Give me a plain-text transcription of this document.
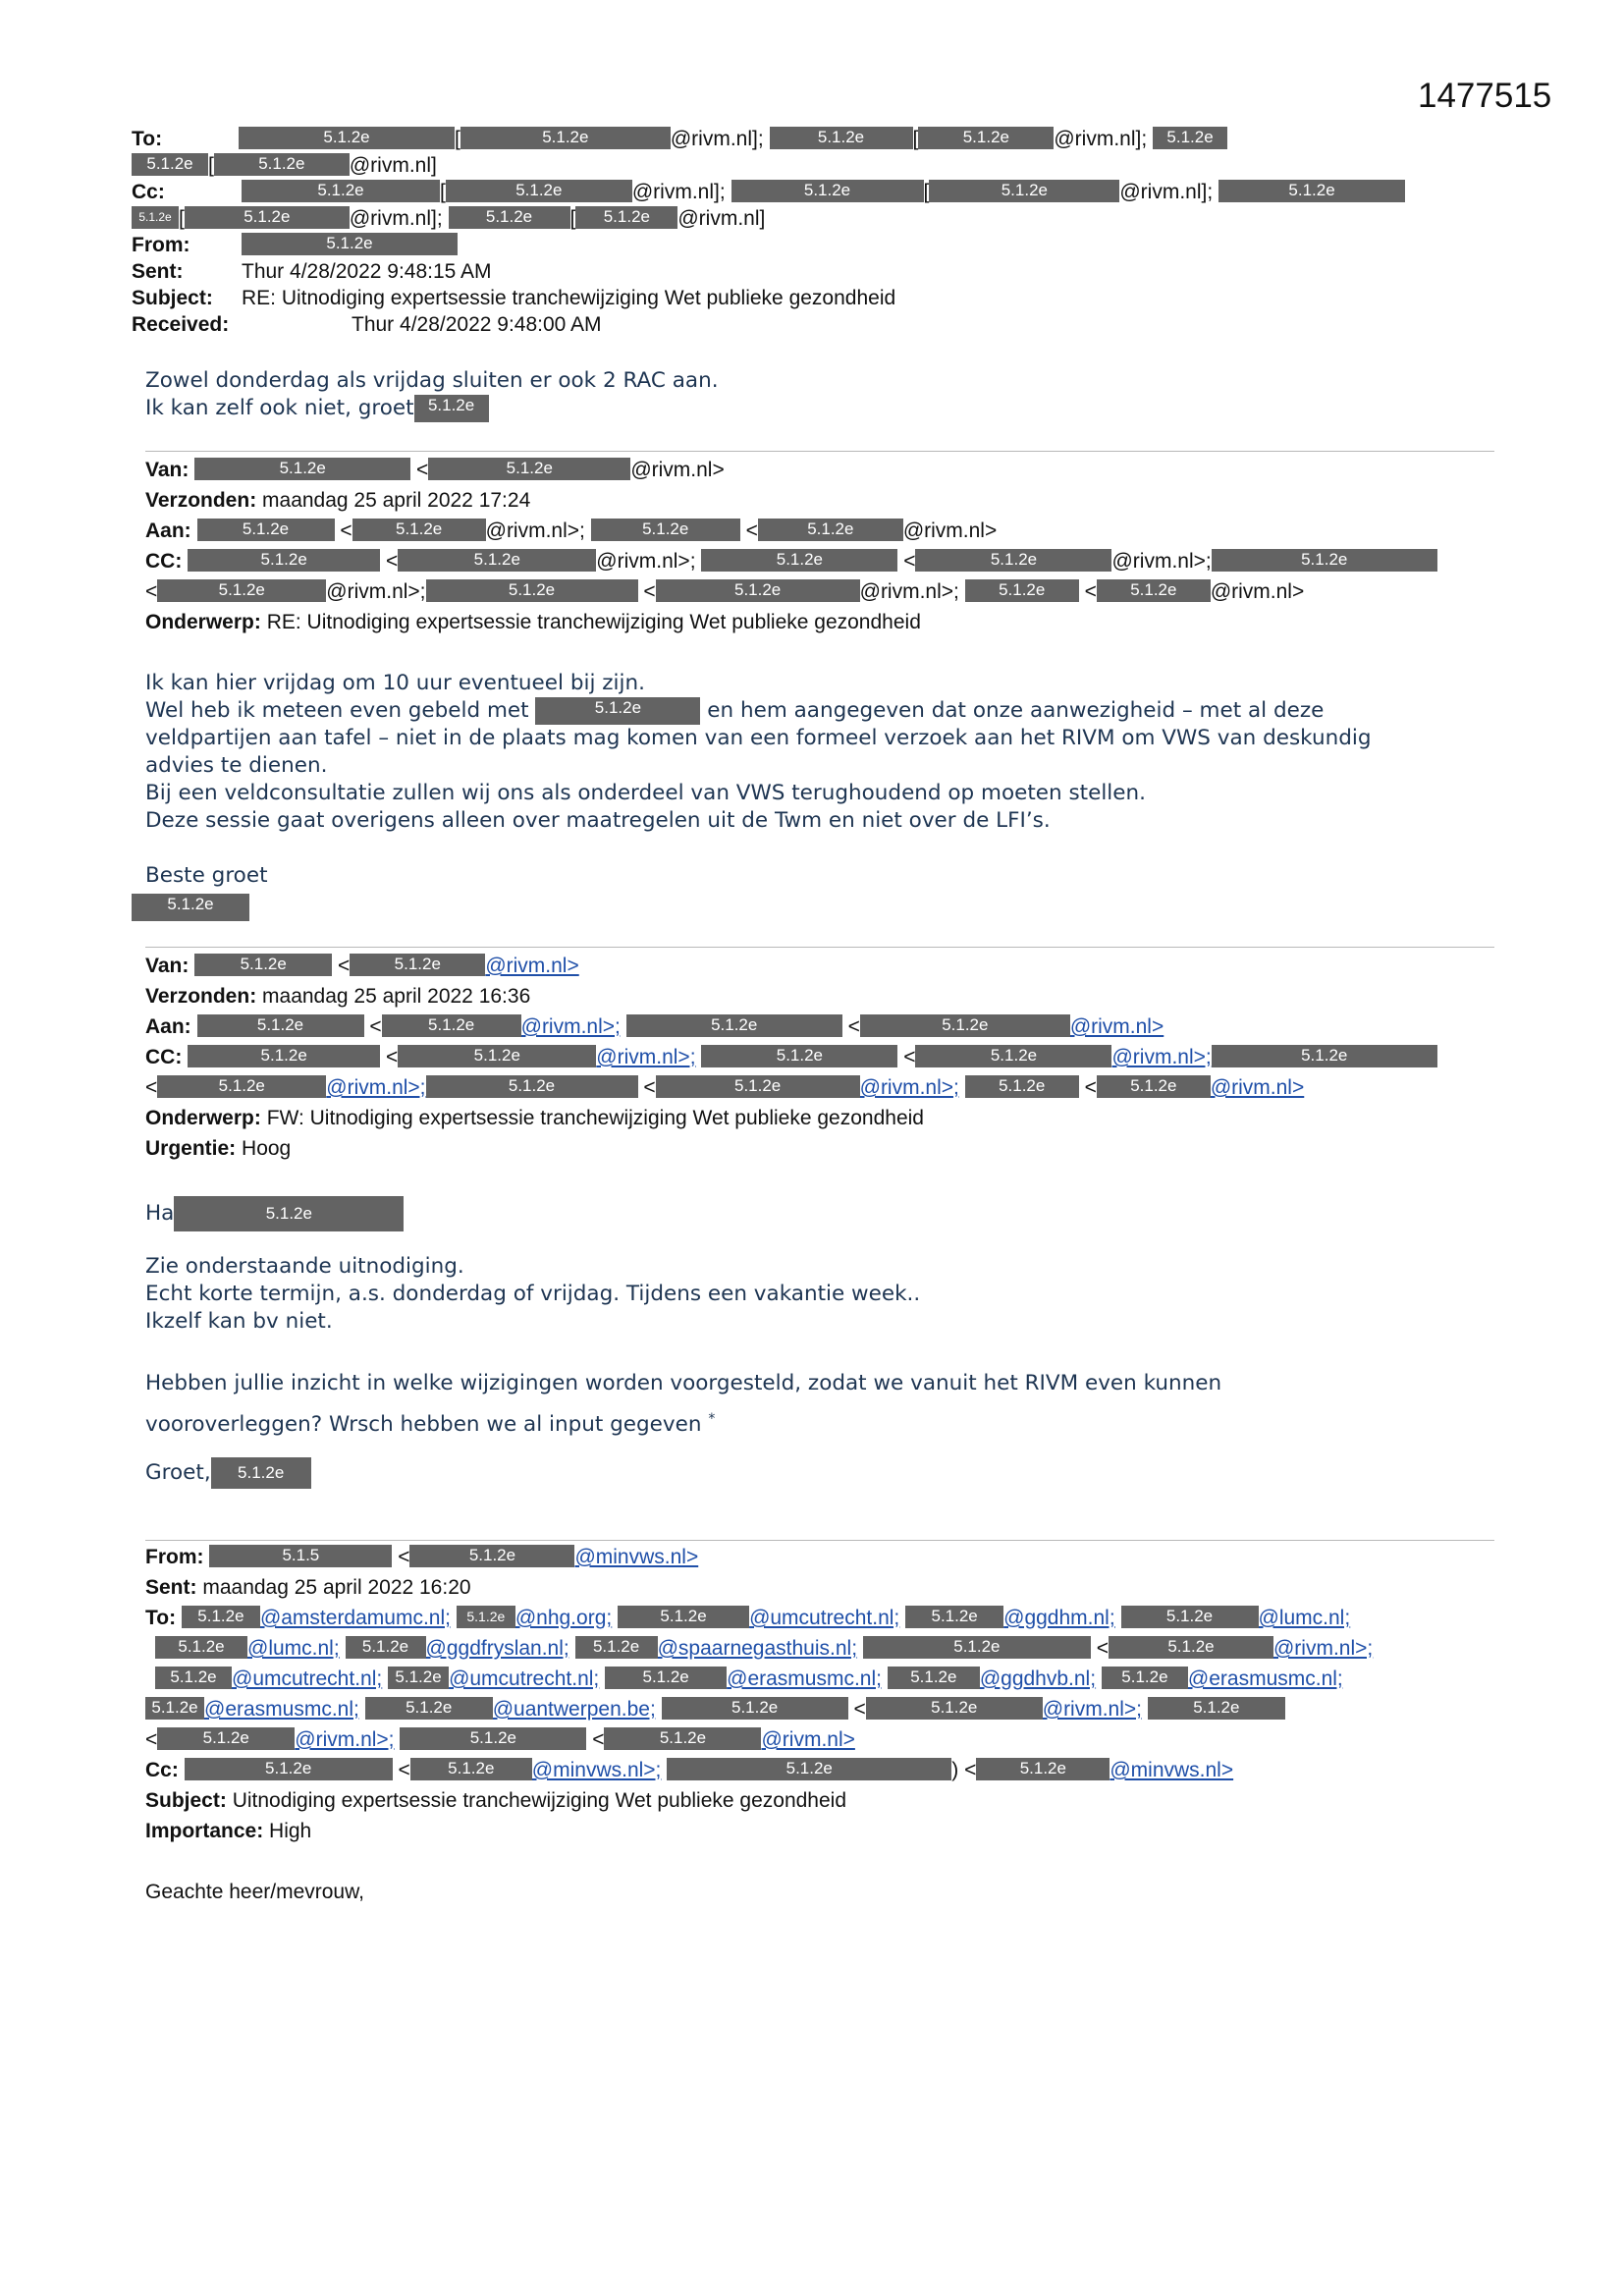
1477515
To:	5.1.2e	[	5.1.2e	@rivm.nl];	5.1.2e [	5.1.2e @rivm.nl]; 5.1.2e
5.1.2e [	5.1.2e @rivm.nl]
Cc:	5.1.2e	[	5.1.2e	@rivm.nl];	5.1.2e	[	5.1.2e	@rivm.nl];	5.1.2e
5.1.2e [	5.1.2e	@rivm.nl];	5.1.2e [ 5.1.2e @rivm.nl]
From:	5.1.2e
Sent:	Thur 4/28/2022 9:48:15 AM
Subject: RE: Uitnodiging expertsessie tranchewijziging Wet publieke gezondheid
Received:	Thur 4/28/2022 9:48:00 AM

Zowel donderdag als vrijdag sluiten er ook 2 RAC aan.

Ik kan zelf ook niet, groet 5.1.2e

Van:	5.1.2e	<	5.1.2e	@rivm.nl>
Verzonden: maandag 25 april 2022 17:24
Aan:	5.1.2e <	5.1.2e @rivm.nl>;	5.1.2e	<	5.1.2e @rivm.nl>
CC:	5.1.2e	<	5.1.2e	@rivm.nl>;	5.1.2e	<	5.1.2e	@rivm.nl>;	5.1.2e
<	5.1.2e	@rivm.nl>;	5.1.2e	<	5.1.2e	@rivm.nl>; 5.1.2e < 5.1.2e @rivm.nl>
Onderwerp: RE: Uitnodiging expertsessie tranchewijziging Wet publieke gezondheid

Ik kan hier vrijdag om 10 uur eventueel bij zijn.

Wel heb ik meteen even gebeld met	5.1.2e	en hem aangegeven dat onze aanwezigheid – met al deze

veldpartijen aan tafel – niet in de plaats mag komen van een formeel verzoek aan het RIVM om VWS van deskundig

advies te dienen.

Bij een veldconsultatie zullen wij ons als onderdeel van VWS terughoudend op moeten stellen.

Deze sessie gaat overigens alleen over maatregelen uit de Twm en niet over de LFI’s.

Beste groet

5.1.2e
Van:	5.1.2e <	5.1.2e @rivm.nl>
Verzonden: maandag 25 april 2022 16:36
Aan:	5.1.2e	<	5.1.2e @rivm.nl>;	5.1.2e	<	5.1.2e	@rivm.nl>
CC:	5.1.2e	<	5.1.2e	@rivm.nl>;	5.1.2e	<	5.1.2e	@rivm.nl>;	5.1.2e
<	5.1.2e	@rivm.nl>;	5.1.2e	<	5.1.2e	@rivm.nl>; 5.1.2e < 5.1.2e @rivm.nl>
Onderwerp: FW: Uitnodiging expertsessie tranchewijziging Wet publieke gezondheid
Urgentie: Hoog

Ha	5.1.2e

Zie onderstaande uitnodiging.

Echt korte termijn, a.s. donderdag of vrijdag. Tijdens een vakantie week..

Ikzelf kan bv niet.

Hebben jullie inzicht in welke wijzigingen worden voorgesteld, zodat we vanuit het RIVM even kunnen

vooroverleggen? Wrsch hebben we al input gegeven *

Groet, 5.1.2e

From:	5.1.5	<	5.1.2e	@minvws.nl>
Sent: maandag 25 april 2022 16:20
To: 5.1.2e @amsterdamumc.nl; 5.1.2e @nhg.org;	5.1.2e @umcutrecht.nl; 5.1.2e @ggdhm.nl;	5.1.2e @lumc.nl;
5.1.2e @lumc.nl; 5.1.2e @ggdfryslan.nl; 5.1.2e @spaarnegasthuis.nl;	5.1.2e	<	5.1.2e	@rivm.nl>;
5.1.2e @umcutrecht.nl; 5.1.2e @umcutrecht.nl;	5.1.2e @erasmusmc.nl; 5.1.2e @ggdhvb.nl; 5.1.2e @erasmusmc.nl;
5.1.2e @erasmusmc.nl;	5.1.2e @uantwerpen.be;	5.1.2e	<	5.1.2e	@rivm.nl>;	5.1.2e
<	5.1.2e @rivm.nl>;	5.1.2e	<	5.1.2e	@rivm.nl>
Cc:	5.1.2e	< 5.1.2e @minvws.nl>;	5.1.2e	) <	5.1.2e @minvws.nl>
Subject: Uitnodiging expertsessie tranchewijziging Wet publieke gezondheid
Importance: High
Geachte heer/mevrouw,
